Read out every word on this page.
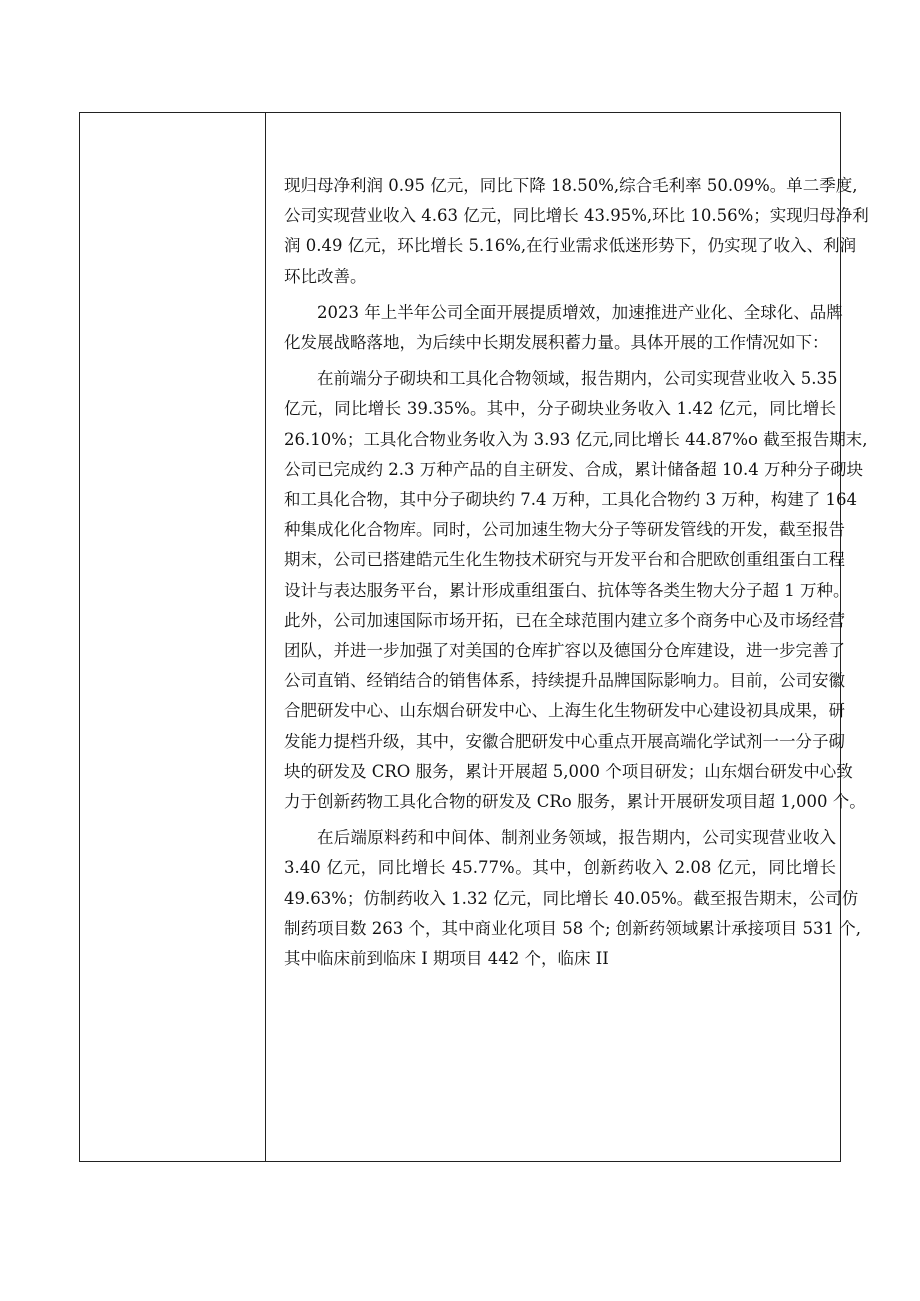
现归母净利润 0.95 亿元，同比下降 18.50%,综合毛利率 50.09%。单二季度,
公司实现营业收入 4.63 亿元，同比增长 43.95%,环比 10.56%；实现归母净利
润 0.49 亿元，环比增长 5.16%,在行业需求低迷形势下，仍实现了收入、利润
环比改善。
2023 年上半年公司全面开展提质增效，加速推进产业化、全球化、品牌
化发展战略落地，为后续中长期发展积蓄力量。具体开展的工作情况如下：
在前端分子砌块和工具化合物领域，报告期内，公司实现营业收入 5.35
亿元，同比增长 39.35%。其中，分子砌块业务收入 1.42 亿元，同比增长
26.10%；工具化合物业务收入为 3.93 亿元,同比增长 44.87%o 截至报告期末,
公司已完成约 2.3 万种产品的自主研发、合成，累计储备超 10.4 万种分子砌块
和工具化合物，其中分子砌块约 7.4 万种，工具化合物约 3 万种，构建了 164
种集成化化合物库。同时，公司加速生物大分子等研发管线的开发，截至报告
期末，公司已搭建皓元生化生物技术研究与开发平台和合肥欧创重组蛋白工程
设计与表达服务平台，累计形成重组蛋白、抗体等各类生物大分子超 1 万种。
此外，公司加速国际市场开拓，已在全球范围内建立多个商务中心及市场经营
团队，并进一步加强了对美国的仓库扩容以及德国分仓库建设，进一步完善了
公司直销、经销结合的销售体系，持续提升品牌国际影响力。目前，公司安徽
合肥研发中心、山东烟台研发中心、上海生化生物研发中心建设初具成果，研
发能力提档升级，其中，安徽合肥研发中心重点开展高端化学试剂一一分子砌
块的研发及 CRO 服务，累计开展超 5,000 个项目研发；山东烟台研发中心致
力于创新药物工具化合物的研发及 CRo 服务，累计开展研发项目超 1,000 个。
在后端原料药和中间体、制剂业务领域，报告期内，公司实现营业收入
3.40 亿元，同比增长 45.77%。其中，创新药收入 2.08 亿元，同比增长
49.63%；仿制药收入 1.32 亿元，同比增长 40.05%。截至报告期末，公司仿
制药项目数 263 个，其中商业化项目 58 个; 创新药领域累计承接项目 531 个,
其中临床前到临床 I 期项目 442 个，临床 II
